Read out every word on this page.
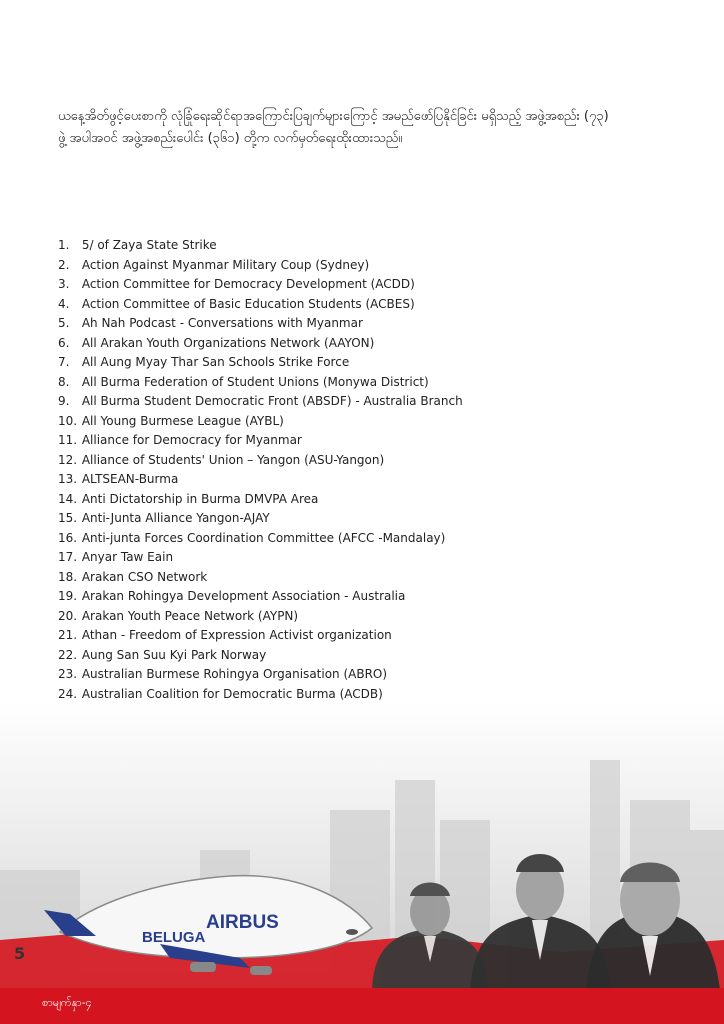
ယနေ့အိတ်ဖွင့်ပေးစာကို လုံခြုံရေးဆိုင်ရာအကြောင်းပြချက်များကြောင့် အမည်ဖော်ပြနိုင်ခြင်း မရှိသည့် အဖွဲ့အစည်း (၇၃)
ဖွဲ့ အပါအဝင် အဖွဲ့အစည်းပေါင်း (၃၆၁) တို့က လက်မှတ်ရေးထိုးထားသည်။
1. 5/ of Zaya State Strike
2. Action Against Myanmar Military Coup (Sydney)
3. Action Committee for Democracy Development (ACDD)
4. Action Committee of Basic Education Students (ACBES)
5. Ah Nah Podcast - Conversations with Myanmar
6. All Arakan Youth Organizations Network (AAYON)
7. All Aung Myay Thar San Schools Strike Force
8. All Burma Federation of Student Unions (Monywa District)
9. All Burma Student Democratic Front (ABSDF) - Australia Branch
10. All Young Burmese League (AYBL)
11. Alliance for Democracy for Myanmar
12. Alliance of Students' Union – Yangon (ASU-Yangon)
13. ALTSEAN-Burma
14. Anti Dictatorship in Burma DMVPA Area
15. Anti-Junta Alliance Yangon-AJAY
16. Anti-junta Forces Coordination Committee (AFCC -Mandalay)
17. Anyar Taw Eain
18. Arakan CSO Network
19. Arakan Rohingya Development Association - Australia
20. Arakan Youth Peace Network (AYPN)
21. Athan - Freedom of Expression Activist organization
22. Aung San Suu Kyi Park Norway
23. Australian Burmese Rohingya Organisation (ABRO)
24. Australian Coalition for Democratic Burma (ACDB)
BELUGA
AIRBUS
5
စာမျက်နှာ-၄
